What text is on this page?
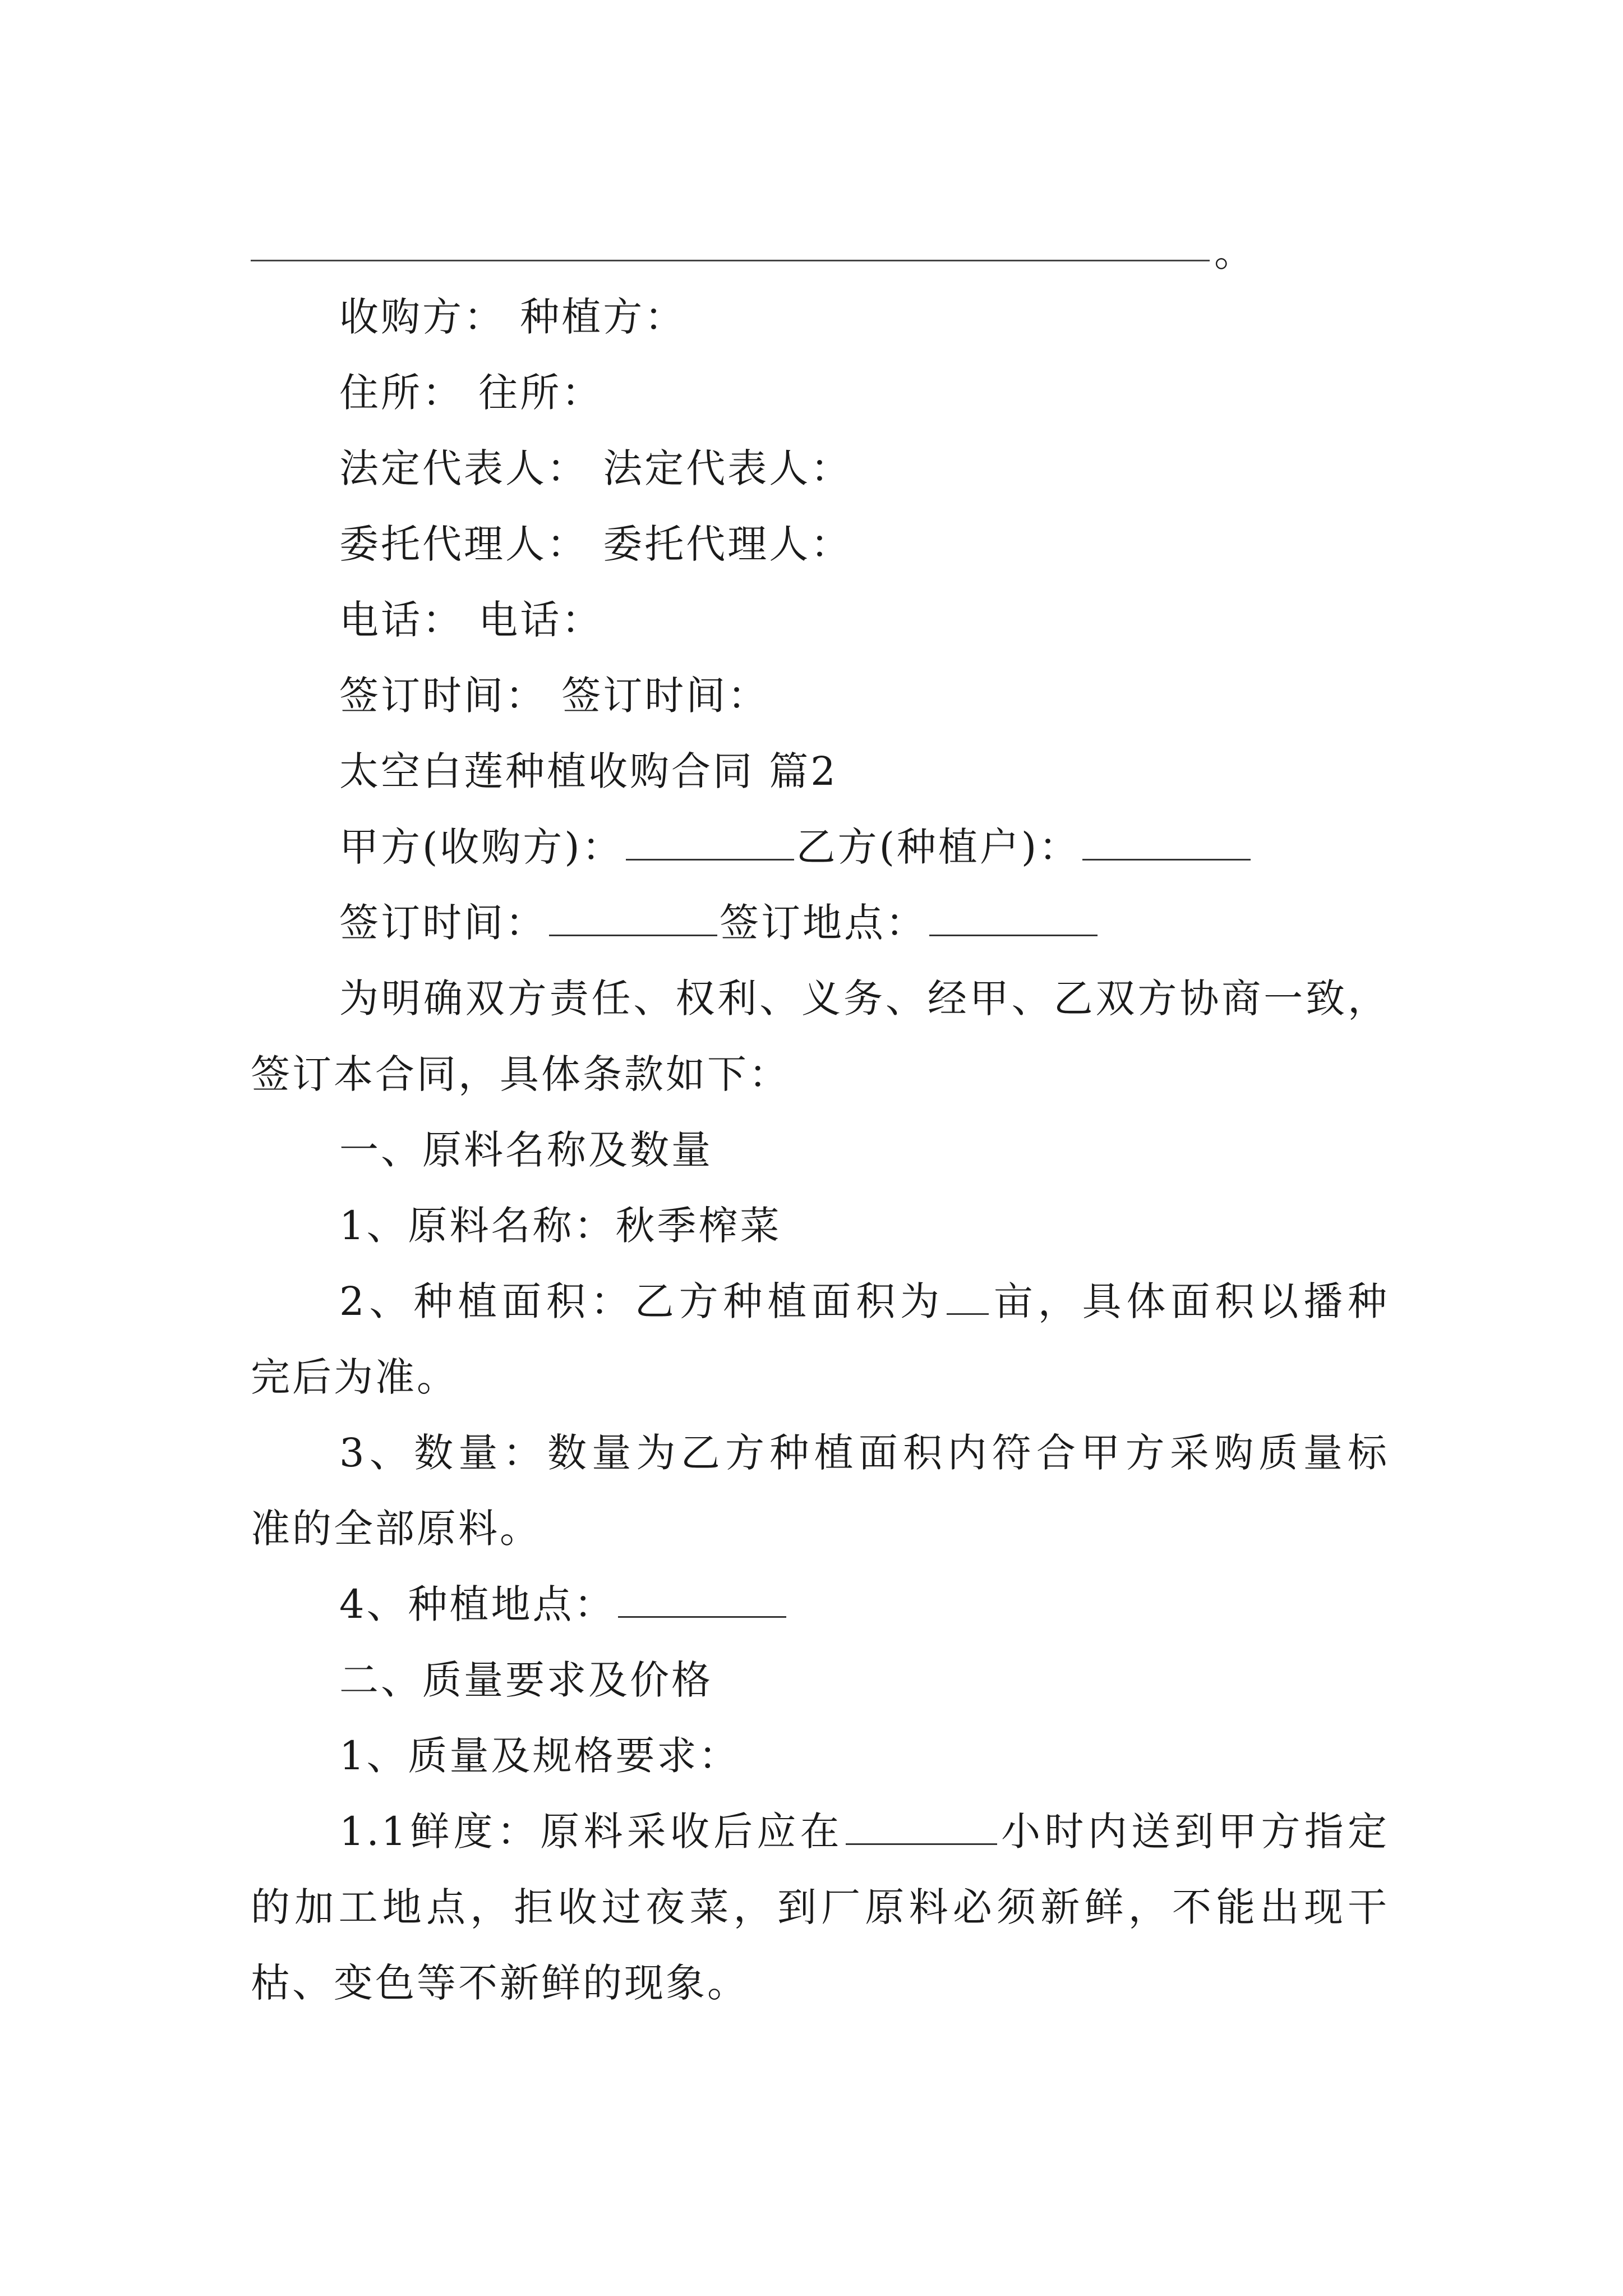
。
收购方： 种植方：
住所： 往所：
法定代表人： 法定代表人：
委托代理人： 委托代理人：
电话： 电话：
签订时间： 签订时间：
太空白莲种植收购合同 篇2
甲方(收购方)：	乙方(种植户)：
签订时间：	签订地点：
为明确双方责任、权利、义务、经甲、乙双方协商一致，
签订本合同，具体条款如下：
一、原料名称及数量
1、原料名称：秋季榨菜
2、种植面积：乙方种植面积为 亩，具体面积以播种
完后为准。
3、数量：数量为乙方种植面积内符合甲方采购质量标
准的全部原料。
4、种植地点：
二、质量要求及价格
1、质量及规格要求：
1.1鲜度：原料采收后应在	小时内送到甲方指定
的加工地点，拒收过夜菜，到厂原料必须新鲜，不能出现干
枯、变色等不新鲜的现象。
